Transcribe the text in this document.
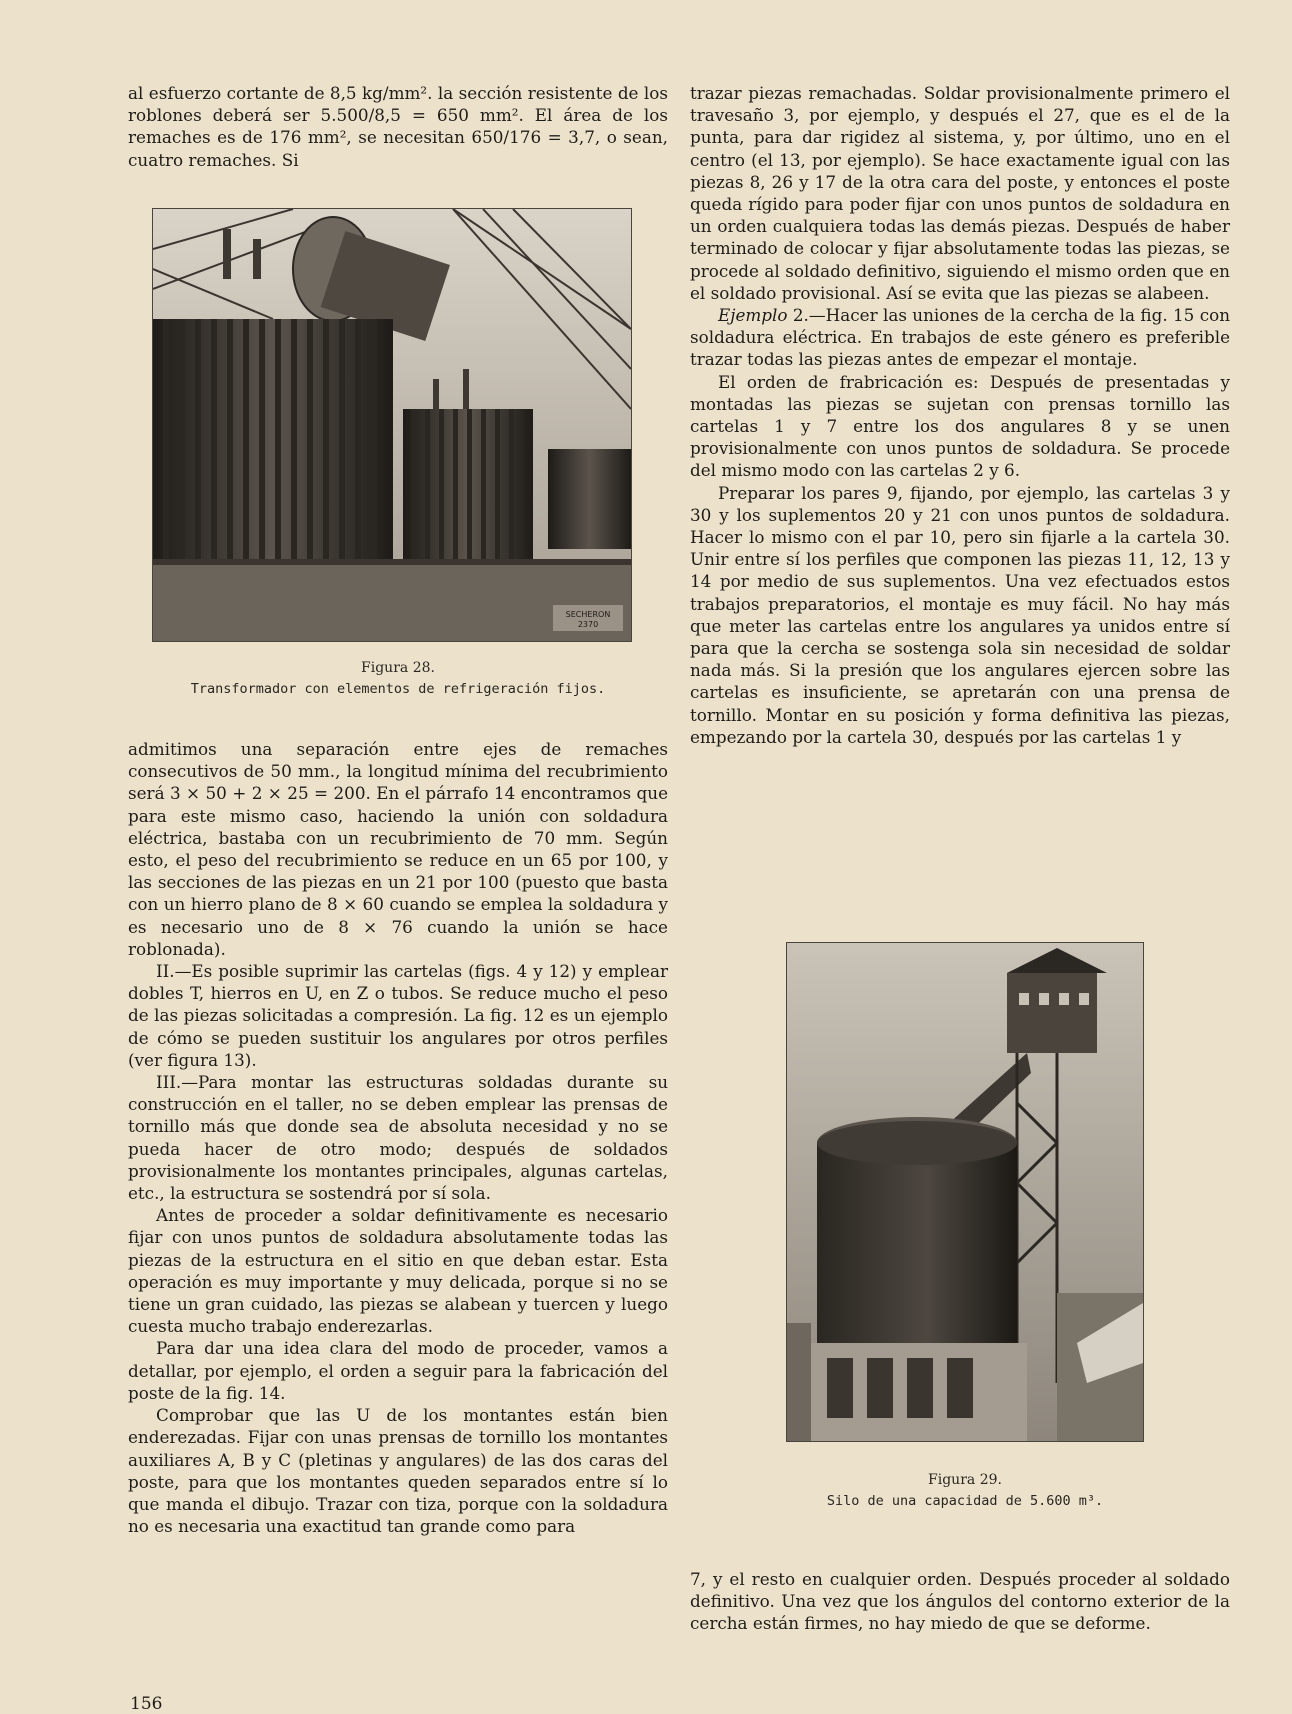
al esfuerzo cortante de 8,5 kg/mm². la sección resistente de los roblones deberá ser 5.500/8,5 = 650 mm². El área de los remaches es de 176 mm², se necesitan 650/176 = 3,7, o sean, cuatro remaches. Si

SECHERON
2370
Figura 28.
Transformador con elementos de refrigeración fijos.

admitimos una separación entre ejes de remaches consecutivos de 50 mm., la longitud mínima del recubrimiento será 3 × 50 + 2 × 25 = 200. En el párrafo 14 encontramos que para este mismo caso, haciendo la unión con soldadura eléctrica, bastaba con un recubrimiento de 70 mm. Según esto, el peso del recubrimiento se reduce en un 65 por 100, y las secciones de las piezas en un 21 por 100 (puesto que basta con un hierro plano de 8 × 60 cuando se emplea la soldadura y es necesario uno de 8 × 76 cuando la unión se hace roblonada).

II.—Es posible suprimir las cartelas (figs. 4 y 12) y emplear dobles T, hierros en U, en Z o tubos. Se reduce mucho el peso de las piezas solicitadas a compresión. La fig. 12 es un ejemplo de cómo se pueden sustituir los angulares por otros perfiles (ver figura 13).

III.—Para montar las estructuras soldadas durante su construcción en el taller, no se deben emplear las prensas de tornillo más que donde sea de absoluta necesidad y no se pueda hacer de otro modo; después de soldados provisionalmente los montantes principales, algunas cartelas, etc., la estructura se sostendrá por sí sola.

Antes de proceder a soldar definitivamente es necesario fijar con unos puntos de soldadura absolutamente todas las piezas de la estructura en el sitio en que deban estar. Esta operación es muy importante y muy delicada, porque si no se tiene un gran cuidado, las piezas se alabean y tuercen y luego cuesta mucho trabajo enderezarlas.

Para dar una idea clara del modo de proceder, vamos a detallar, por ejemplo, el orden a seguir para la fabricación del poste de la fig. 14.

Comprobar que las U de los montantes están bien enderezadas. Fijar con unas prensas de tornillo los montantes auxiliares A, B y C (pletinas y angulares) de las dos caras del poste, para que los montantes queden separados entre sí lo que manda el dibujo. Trazar con tiza, porque con la soldadura no es necesaria una exactitud tan grande como para

trazar piezas remachadas. Soldar provisionalmente primero el travesaño 3, por ejemplo, y después el 27, que es el de la punta, para dar rigidez al sistema, y, por último, uno en el centro (el 13, por ejemplo). Se hace exactamente igual con las piezas 8, 26 y 17 de la otra cara del poste, y entonces el poste queda rígido para poder fijar con unos puntos de soldadura en un orden cualquiera todas las demás piezas. Después de haber terminado de colocar y fijar absolutamente todas las piezas, se procede al soldado definitivo, siguiendo el mismo orden que en el soldado provisional. Así se evita que las piezas se alabeen.

Ejemplo 2.—Hacer las uniones de la cercha de la fig. 15 con soldadura eléctrica. En trabajos de este género es preferible trazar todas las piezas antes de empezar el montaje.

El orden de frabricación es: Después de presentadas y montadas las piezas se sujetan con prensas tornillo las cartelas 1 y 7 entre los dos angulares 8 y se unen provisionalmente con unos puntos de soldadura. Se procede del mismo modo con las cartelas 2 y 6.

Preparar los pares 9, fijando, por ejemplo, las cartelas 3 y 30 y los suplementos 20 y 21 con unos puntos de soldadura. Hacer lo mismo con el par 10, pero sin fijarle a la cartela 30. Unir entre sí los perfiles que componen las piezas 11, 12, 13 y 14 por medio de sus suplementos. Una vez efectuados estos trabajos preparatorios, el montaje es muy fácil. No hay más que meter las cartelas entre los angulares ya unidos entre sí para que la cercha se sostenga sola sin necesidad de soldar nada más. Si la presión que los angulares ejercen sobre las cartelas es insuficiente, se apretarán con una prensa de tornillo. Montar en su posición y forma definitiva las piezas, empezando por la cartela 30, después por las cartelas 1 y

Figura 29.
Silo de una capacidad de 5.600 m³.

7, y el resto en cualquier orden. Después proceder al soldado definitivo. Una vez que los ángulos del contorno exterior de la cercha están firmes, no hay miedo de que se deforme.

156
